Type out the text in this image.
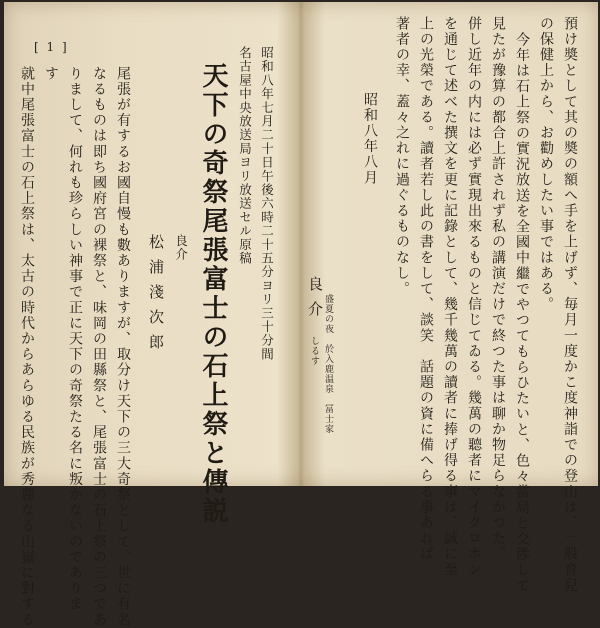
[ 1 ]	昭和八年七月二十日午後六時二十五分ヨリ三十分間
名古屋中央放送局ヨリ放送セル原稿
天下の奇祭尾張富士の石上祭と傳説
良介
松浦淺次郎
尾張が有するお國自慢も數ありますが、取分け天下の三大奇祭として、世に有名
なるものは即ち國府宮の裸祭と、味岡の田縣祭と、尾張富士の石上祭の三つであ
りまして、何れも珍らしい神事で正に天下の奇祭たる名に叛かないのでありま
す
就中尾張富士の石上祭は、太古の時代からあらゆる民族が秀麗なる山嶽に對する	預け奬として其の奬の額へ手を上げず、毎月一度かこ度神詣での登山は、一般育兒
の保健上から、お勸めしたい事ではある。
今年は石上祭の實況放送を全國中繼でやつてもらひたいと、色々當局と交渉して
見たが豫算の都合上許されず私の講演だけで終つた事は聊か物足らなかつた。
併し近年の内には必ず實現出來るものと信じてゐる。幾萬の聽者にマイクロホン
を通じて述べた撰文を更に記錄として、幾千幾萬の讀者に捧げ得る事は、誠に至
上の光榮である。讀者若し此の書をして、談笑　話題の資に備へらる事あれば
著者の幸、蓋々之れに過ぐるものなし。
昭和八年八月
盛夏の夜　於入鹿温泉　冨士家
良介
しるす
